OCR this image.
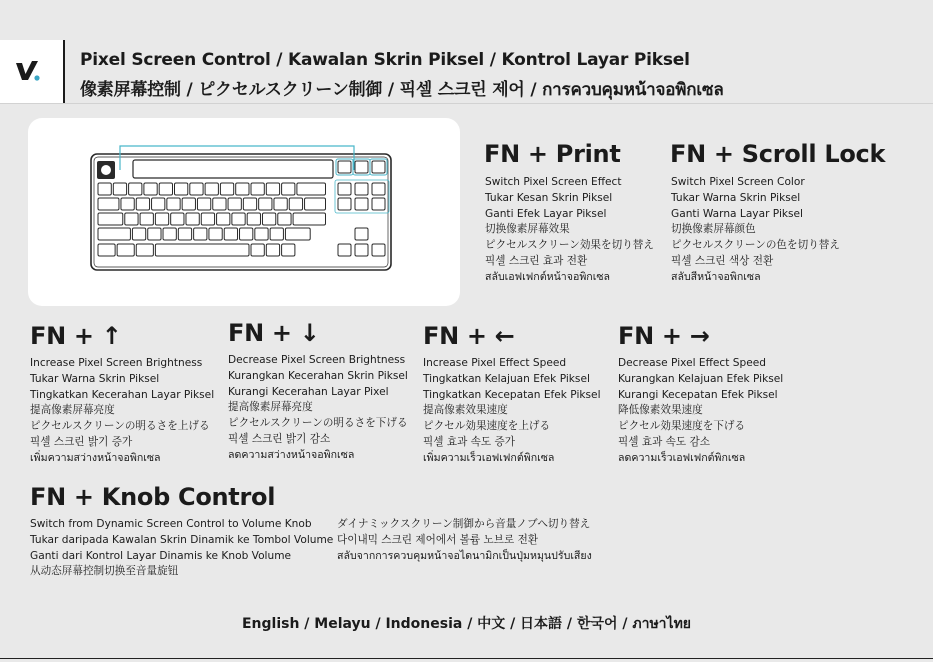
Pixel Screen Control / Kawalan Skrin Piksel / Kontrol Layar Piksel
像素屏幕控制 / ピクセルスクリーン制御 / 픽셀 스크린 제어 / การควบคุมหน้าจอพิกเซล
FN + Print
Switch Pixel Screen Effect
Tukar Kesan Skrin Piksel
Ganti Efek Layar Piksel
切换像素屏幕效果
ピクセルスクリーン効果を切り替え
픽셀 스크린 효과 전환
สลับเอฟเฟกต์หน้าจอพิกเซล
FN + Scroll Lock
Switch Pixel Screen Color
Tukar Warna Skrin Piksel
Ganti Warna Layar Piksel
切换像素屏幕颜色
ピクセルスクリーンの色を切り替え
픽셀 스크린 색상 전환
สลับสีหน้าจอพิกเซล
FN + ↑
Increase Pixel Screen Brightness
Tukar Warna Skrin Piksel
Tingkatkan Kecerahan Layar Piksel
提高像素屏幕亮度
ピクセルスクリーンの明るさを上げる
픽셀 스크린 밝기 증가
เพิ่มความสว่างหน้าจอพิกเซล
FN + ↓
Decrease Pixel Screen Brightness
Kurangkan Kecerahan Skrin Piksel
Kurangi Kecerahan Layar Pixel
提高像素屏幕亮度
ピクセルスクリーンの明るさを下げる
픽셀 스크린 밝기 감소
ลดความสว่างหน้าจอพิกเซล
FN + ←
Increase Pixel Effect Speed
Tingkatkan Kelajuan Efek Piksel
Tingkatkan Kecepatan Efek Piksel
提高像素效果速度
ピクセル効果速度を上げる
픽셀 효과 속도 증가
เพิ่มความเร็วเอฟเฟกต์พิกเซล
FN + →
Decrease Pixel Effect Speed
Kurangkan Kelajuan Efek Piksel
Kurangi Kecepatan Efek Piksel
降低像素效果速度
ピクセル効果速度を下げる
픽셀 효과 속도 감소
ลดความเร็วเอฟเฟกต์พิกเซล
FN + Knob Control
Switch from Dynamic Screen Control to Volume Knob
Tukar daripada Kawalan Skrin Dinamik ke Tombol Volume
Ganti dari Kontrol Layar Dinamis ke Knob Volume
从动态屏幕控制切换至音量旋钮
ダイナミックスクリーン制御から音量ノブへ切り替え
다이내믹 스크린 제어에서 볼륨 노브로 전환
สลับจากการควบคุมหน้าจอไดนามิกเป็นปุ่มหมุนปรับเสียง
English / Melayu / Indonesia / 中文 / 日本語 / 한국어 / ภาษาไทย
